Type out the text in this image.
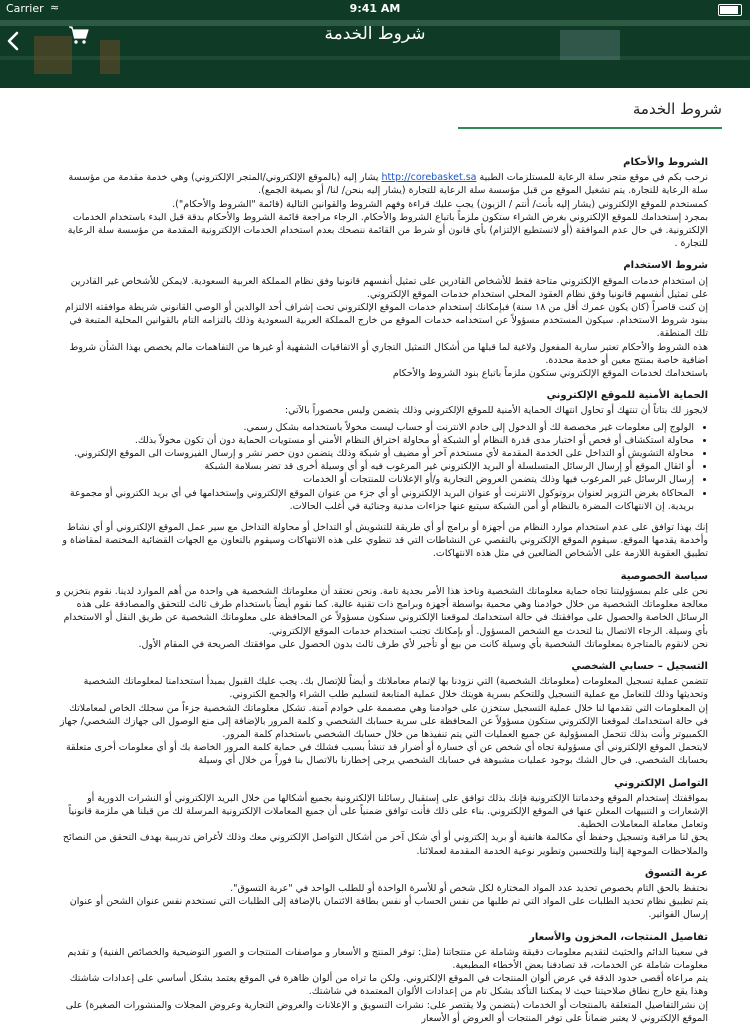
Carrier ≈	9:41 AM
شروط الخدمة
شروط الخدمة
الشروط والأحكام

نرحب بكم في موقع متجر سلة الرعاية للمستلزمات الطبية http://corebasket.sa يشار إليه (بالموقع الإلكتروني/المتجر الإلكتروني) وهي خدمة مقدمة من مؤسسة سلة الرعاية للتجارة. يتم تشغيل الموقع من قبل مؤسسة سلة الرعاية للتجارة (يشار إليه بنحن/ لنا/ أو بصيغة الجمع).

كمستخدم للموقع الإلكتروني (يشار إليه بأنت/ أنتم / الزبون) يجب عليك قراءة وفهم الشروط والقوانين التالية (قائمة "الشروط والأحكام").

بمجرد إستخدامك للموقع الإلكتروني بغرض الشراء ستكون ملزماً باتباع الشروط والأحكام. الرجاء مراجعة قائمة الشروط والأحكام بدقة قبل البدء باستخدام الخدمات الإلكترونية. في حال عدم الموافقة (أو لاتستطيع الإلتزام) بأي قانون أو شرط من القائمة ننصحك بعدم استخدام الخدمات الإلكترونية المقدمة من مؤسسة سلة الرعاية للتجارة .

شروط الاستخدام

إن استخدام خدمات الموقع الإلكتروني متاحة فقط للأشخاص القادرين على تمثيل أنفسهم قانونيا وفق نظام المملكة العربية السعودية. لايمكن للأشخاص غير القادرين على تمثيل أنفسهم قانونيا وفق نظام العقود المحلي استخدام خدمات الموقع الإلكتروني.

إن كنت قاصراً (كان يكون عمرك أقل من ١٨ سنة) فبإمكانك إستخدام خدمات الموقع الإلكتروني تحت إشراف أحد الوالدين أو الوصي القانوني شريطة موافقته الالتزام ببنود شروط الاستخدام. سيكون المستخدم مسؤولاً عن استخدامه خدمات الموقع من خارج المملكة العربية السعودية وذلك بالتزامه التام بالقوانين المحلية المتبعة في تلك المنطقة.

هذه الشروط والأحكام تعتبر سارية المفعول ولاغية لما قبلها من أشكال التمثيل التجاري أو الاتفاقيات الشفهية أو غيرها من التفاهمات مالم يخصص بهذا الشأن شروط اضافية خاصة بمنتج معين أو خدمة محددة.

باستخدامك لخدمات الموقع الإلكتروني ستكون ملزماً باتباع بنود الشروط والأحكام

الحماية الأمنية للموقع الإلكتروني

لايجوز لك بتاتاً أن تنتهك أو تحاول انتهاك الحماية الأمنية للموقع الإلكتروني وذلك يتضمن وليس محصوراً بالآتي:

• الولوج إلى معلومات غير مخصصة لك أو الدخول إلى خادم الانترنت أو حساب ليست مخولاً باستخدامه بشكل رسمي.
• محاولة استكشاف أو فحص أو اختبار مدى قدرة النظام أو الشبكة أو محاولة اختراق النظام الأمني أو مستويات الحماية دون أن تكون مخولاً بذلك.
• محاولة التشويش أو التداخل على الخدمة المقدمة لأي مستخدم آخر أو مضيف أو شبكة وذلك يتضمن دون حصر نشر و إرسال الفيروسات الى الموقع الإلكتروني.
• أو اثقال الموقع أو إرسال الرسائل المتسلسلة أو البريد الإلكتروني غير المرغوب فيه أو أي وسيلة أخرى قد تضر بسلامة الشبكة
• إرسال الرسائل غير المرغوب فيها وذلك يتضمن العروض التجارية و/أو الإعلانات للمنتجات أو الخدمات
• المحاكاة بغرض التزوير لعنوان بروتوكول الانترنت أو عنوان البريد الإلكتروني أو أي جزء من عنوان الموقع الإلكتروني وإستخدامها في أي بريد الكتروني أو مجموعة بريدية. إن الانتهاكات المضرة بالنظام أو أمن الشبكة سيتبع عنها جزاءات مدنية وجنائية في أغلب الحالات.

إنك بهذا توافق على عدم استخدام موارد النظام من أجهزة أو برامج أو أي طريقة للتشويش أو التداخل أو محاولة التداخل مع سير عمل الموقع الإلكتروني أو أي نشاط وأخدمة يقدمها الموقع. سيقوم الموقع الإلكتروني بالتقصي عن النشاطات التي قد تنطوي على هذه الانتهاكات وسيقوم بالتعاون مع الجهات القضائية المختصة لمقاضاة و تطبيق العقوبة اللازمة على الأشخاص الضالعين في مثل هذه الانتهاكات.

سياسة الخصوصية

نحن على علم بمسؤوليتنا تجاه حماية معلوماتك الشخصية وناخذ هذا الأمر بجدية تامة. ونحن نعتقد أن معلوماتك الشخصية هي واحدة من أهم الموارد لدينا. نقوم بتخزين و معالجة معلوماتك الشخصية من خلال خوادمنا وهي محمية بواسطة أجهزة وبرامج ذات تقنية عالية. كما نقوم أيضاً باستخدام طرف ثالث للتحقق والمصادقة على هذه الرسائل الخاصة والحصول على موافقتك في حالة استخدامك لموقعنا الإلكتروني سنكون مسؤولاً عن المحافظة على معلوماتك الشخصية عن طريق النقل أو الاستخدام بأي وسيلة. الرجاء الاتصال بنا لتحدث مع الشخص المسؤول. أو بإمكانك تجنب استخدام خدمات الموقع الإلكتروني.

نحن لانقوم بالمتاجرة بمعلوماتك الشخصية بأي وسيلة كانت من بيع أو تأجير لأي طرف ثالث بدون الحصول على موافقتك الصريحة في المقام الأول.

التسجيل – حسابي الشخصي

تتضمن عملية تسجيل المعلومات (معلوماتك الشخصية) التي نزودنا بها لإتمام معاملاتك و أيضاً للإتصال بك. يجب عليك القبول بمبدأ استخدامنا لمعلوماتك الشخصية وتحديثها وذلك للتعامل مع عملية التسجيل وللتحكم بسرية هويتك خلال عملية المتابعة لتسليم طلب الشراء والجمع الكتروني.

إن المعلومات التي تقدمها لنا خلال عملية التسجيل ستخزن على خوادمنا وهي مصممة على خوادم آمنة. تشكل معلوماتك الشخصية جزءاً من سجلك الخاص لمعاملاتك في حالة استخدامك لموقعنا الإلكتروني ستكون مسؤولاً عن المحافظة على سرية حسابك الشخصي و كلمة المرور بالإضافة إلى منع الوصول الى جهازك الشخصي/ جهاز الكمبيوتر وأنت بذلك تتحمل المسؤولية عن جميع العمليات التي يتم تنفيذها من خلال حسابك الشخصي باستخدام كلمة المرور.

لايتحمل الموقع الإلكتروني أي مسؤولية تجاه أي شخص عن أي خسارة أو أضرار قد تنشأ بسبب فشلك في حماية كلمة المرور الخاصة بك أو أي معلومات أخرى متعلقة بحسابك الشخصي. في حال الشك بوجود عمليات مشبوهة في حسابك الشخصي يرجى إخطارنا بالاتصال بنا فوراً من خلال أي وسيلة

التواصل الإلكتروني

بمواقفتك إستخدام الموقع وخدماتنا الإلكترونية فإنك بذلك توافق على إستقبال رسائلنا الإلكترونية بجميع أشكالها من خلال البريد الإلكتروني أو النشرات الدورية أو الإشعارات و التنبيهات المعلن عنها في الموقع الإلكتروني. بناء على ذلك فأنت توافق ضمنياً على أن جميع المعاملات الإلكترونية المرسلة لك من قبلنا هي ملزمة قانونياً وتعامل معاملة المعاملات الخطية.

يحق لنا مراقبة وتسجيل وحفظ أي مكالمة هاتفية أو بريد إلكتروني أو أي شكل آخر من أشكال التواصل الإلكتروني معك وذلك لأغراض تدريبية بهدف التحقق من النصائح والملاحظات الموجهة إلينا وللتحسين وتطوير نوعية الخدمة المقدمة لعملائنا.

عربة التسوق

نحتفظ بالحق التام بخصوص تحديد عدد المواد المختارة لكل شخص أو للأسرة الواحدة أو للطلب الواحد في "عربة التسوق".

يتم تطبيق نظام تحديد الطلبات على المواد التي تم طلبها من نفس الحساب أو نفس بطاقة الائتمان بالإضافة إلى الطلبات التي تستخدم نفس عنوان الشحن أو عنوان إرسال الفواتير.

تفاصيل المنتجات، المخزون والأسعار

في سعينا الدائم والحثيث لتقديم معلومات دقيقة وشاملة عن منتجاتنا (مثل: توفر المنتج و الأسعار و مواصفات المنتجات و الصور التوضيحية والخصائص الفنية) و تقديم معلومات شاملة عن الخدمات، قد تصادفنا بعض الأخطاء المطبعية.

يتم مراعاة أقصى حدود الدقة في عرض ألوان المنتجات في الموقع الإلكتروني. ولكن ما تراه من ألوان ظاهرة في الموقع يعتمد بشكل أساسي على إعدادات شاشتك وهذا يقع خارج نطاق صلاحيتنا حيث لا يمكننا التأكد بشكل تام من إعدادات الألوان المعتمدة في شاشتك.

إن نشرالتفاصيل المتعلقة بالمنتجات أو الخدمات (بتضمن ولا يقتصر على: نشرات التسويق و الإعلانات والعروض التجارية وعروض المجلات والمنشورات الصغيرة) على الموقع الإلكتروني لا يعتبر ضماناً على توفر المنتجات أو العروض أو الأسعار
